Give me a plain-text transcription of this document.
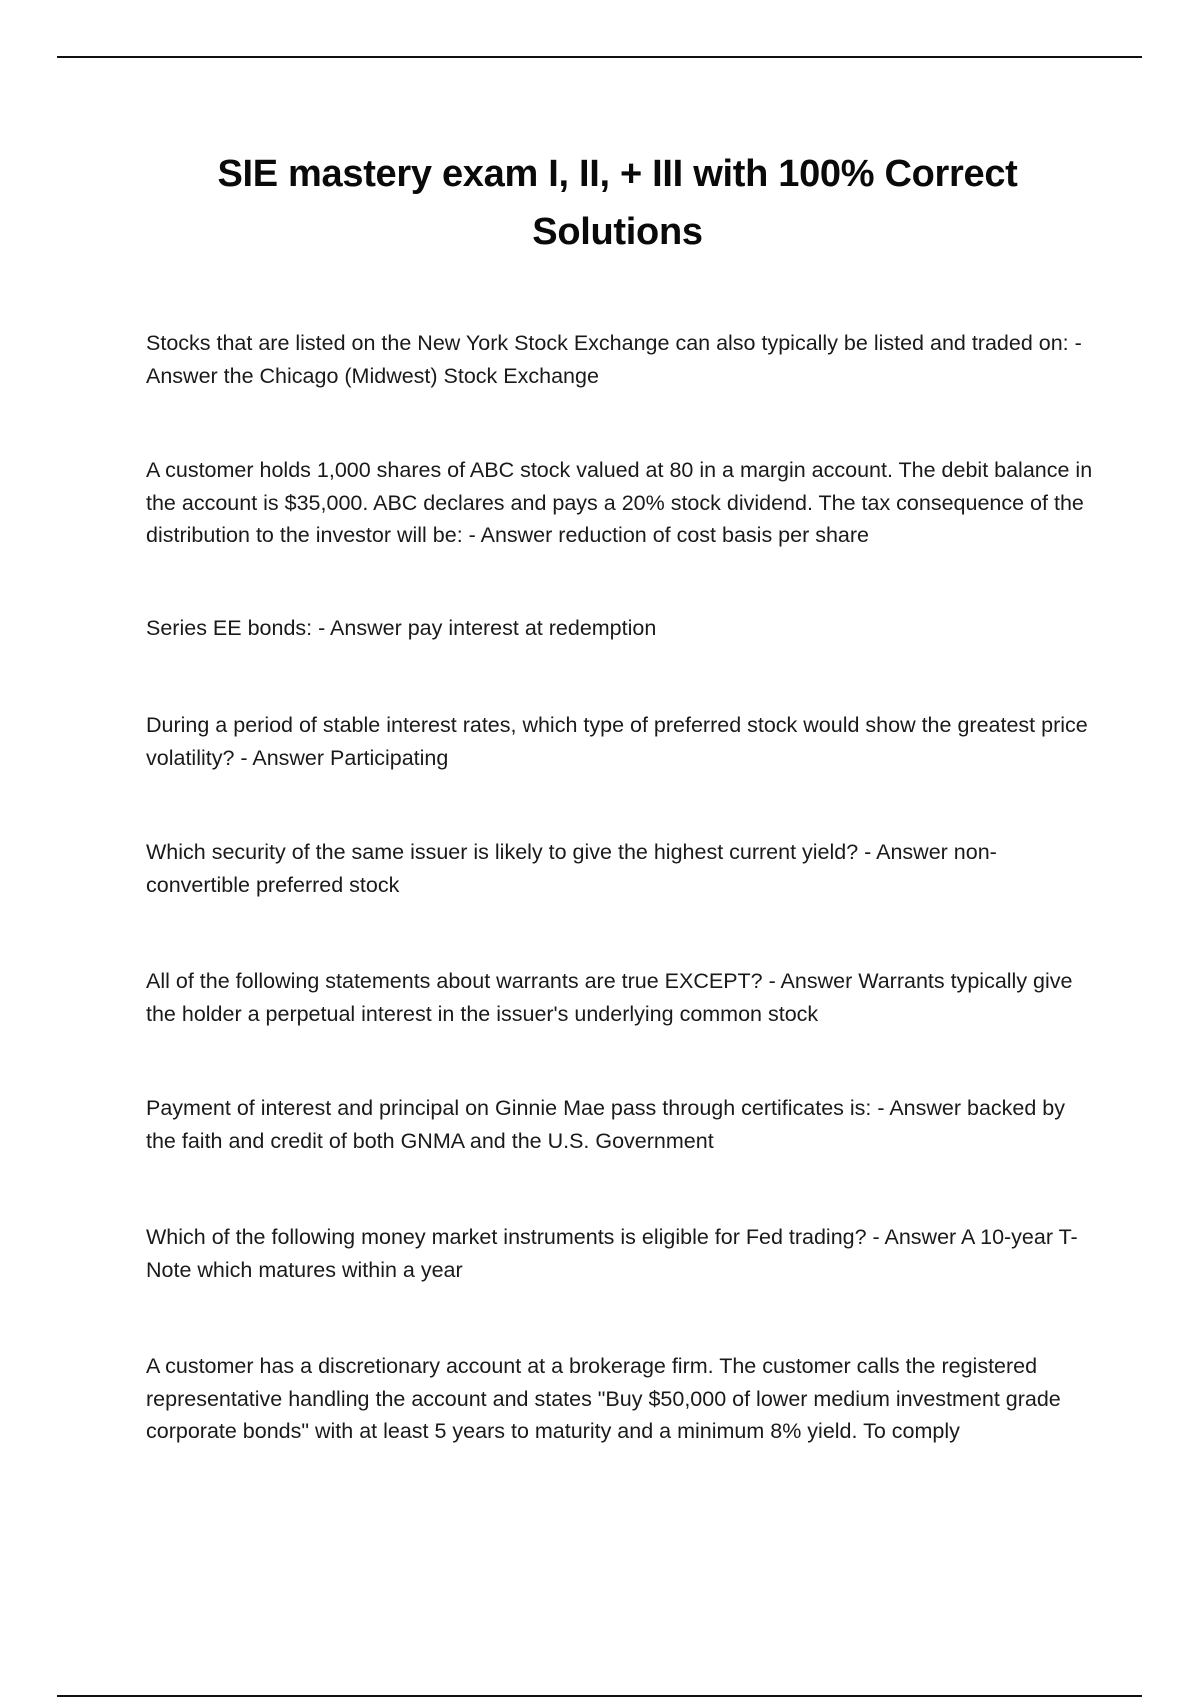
SIE mastery exam I, II, + III with 100% Correct Solutions
Stocks that are listed on the New York Stock Exchange can also typically be listed and traded on: - Answer the Chicago (Midwest) Stock Exchange
A customer holds 1,000 shares of ABC stock valued at 80 in a margin account. The debit balance in the account is $35,000. ABC declares and pays a 20% stock dividend. The tax consequence of the distribution to the investor will be: - Answer reduction of cost basis per share
Series EE bonds: - Answer pay interest at redemption
During a period of stable interest rates, which type of preferred stock would show the greatest price volatility? - Answer Participating
Which security of the same issuer is likely to give the highest current yield? - Answer non-convertible preferred stock
All of the following statements about warrants are true EXCEPT? - Answer Warrants typically give the holder a perpetual interest in the issuer's underlying common stock
Payment of interest and principal on Ginnie Mae pass through certificates is: - Answer backed by the faith and credit of both GNMA and the U.S. Government
Which of the following money market instruments is eligible for Fed trading? - Answer A 10-year T-Note which matures within a year
A customer has a discretionary account at a brokerage firm. The customer calls the registered representative handling the account and states "Buy $50,000 of lower medium investment grade corporate bonds" with at least 5 years to maturity and a minimum 8% yield. To comply
